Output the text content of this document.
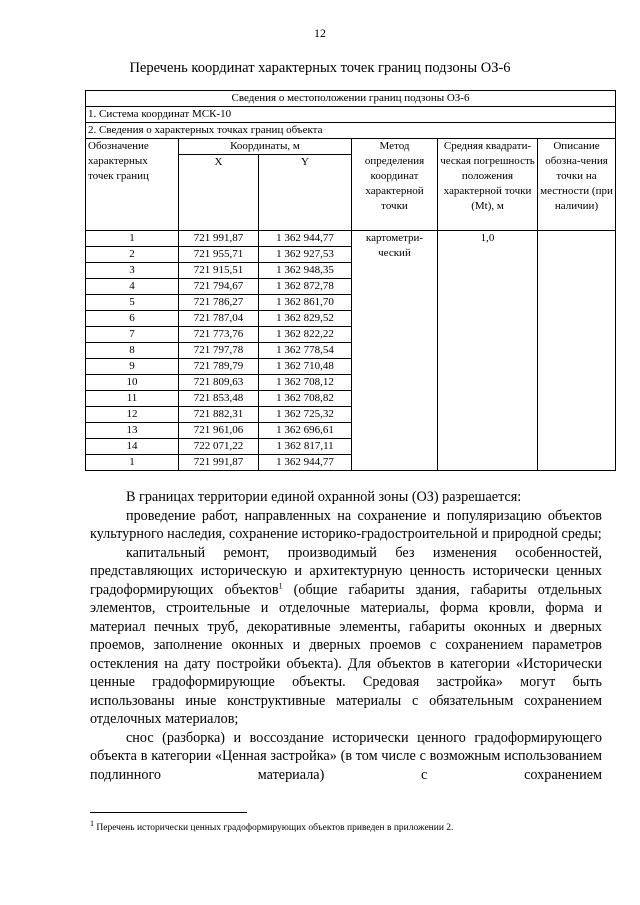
12
Перечень координат характерных точек границ подзоны ОЗ-6
Сведения о местоположении границ подзоны ОЗ-6					
1. Система координат МСК-10					
2. Сведения о характерных точках границ объекта					
Обозначение характерных точек границ	Координаты, м		Метод определения координат характерной точки	Средняя квадрати-ческая погрешность положения характерной точки (Mt), м	Описание обозна-чения точки на местности (при наличии)
	X	Y			
1	721 991,87	1 362 944,77	картометри-ческий	1,0	
2	721 955,71	1 362 927,53			
3	721 915,51	1 362 948,35			
4	721 794,67	1 362 872,78			
5	721 786,27	1 362 861,70			
6	721 787,04	1 362 829,52			
7	721 773,76	1 362 822,22			
8	721 797,78	1 362 778,54			
9	721 789,79	1 362 710,48			
10	721 809,63	1 362 708,12			
11	721 853,48	1 362 708,82			
12	721 882,31	1 362 725,32			
13	721 961,06	1 362 696,61			
14	722 071,22	1 362 817,11			
1	721 991,87	1 362 944,77			

В границах территории единой охранной зоны (ОЗ) разрешается:

проведение работ, направленных на сохранение и популяризацию объектов культурного наследия, сохранение историко-градостроительной и природной среды;

капитальный ремонт, производимый без изменения особенностей, представляющих историческую и архитектурную ценность исторически ценных градоформирующих объектов$^1$ (общие габариты здания, габариты отдельных элементов, строительные и отделочные материалы, форма кровли, форма и материал печных труб, декоративные элементы, габариты оконных и дверных проемов, заполнение оконных и дверных проемов с сохранением параметров остекления на дату постройки объекта). Для объектов в категории «Исторически ценные градоформирующие объекты. Средовая застройка» могут быть использованы иные конструктивные материалы с обязательным сохранением отделочных материалов;

снос (разборка) и воссоздание исторически ценного градоформирующего объекта в категории «Ценная застройка» (в том числе с возможным использованием подлинного материала) с сохранением

$^1$ Перечень исторически ценных градоформирующих объектов приведен в приложении 2.
